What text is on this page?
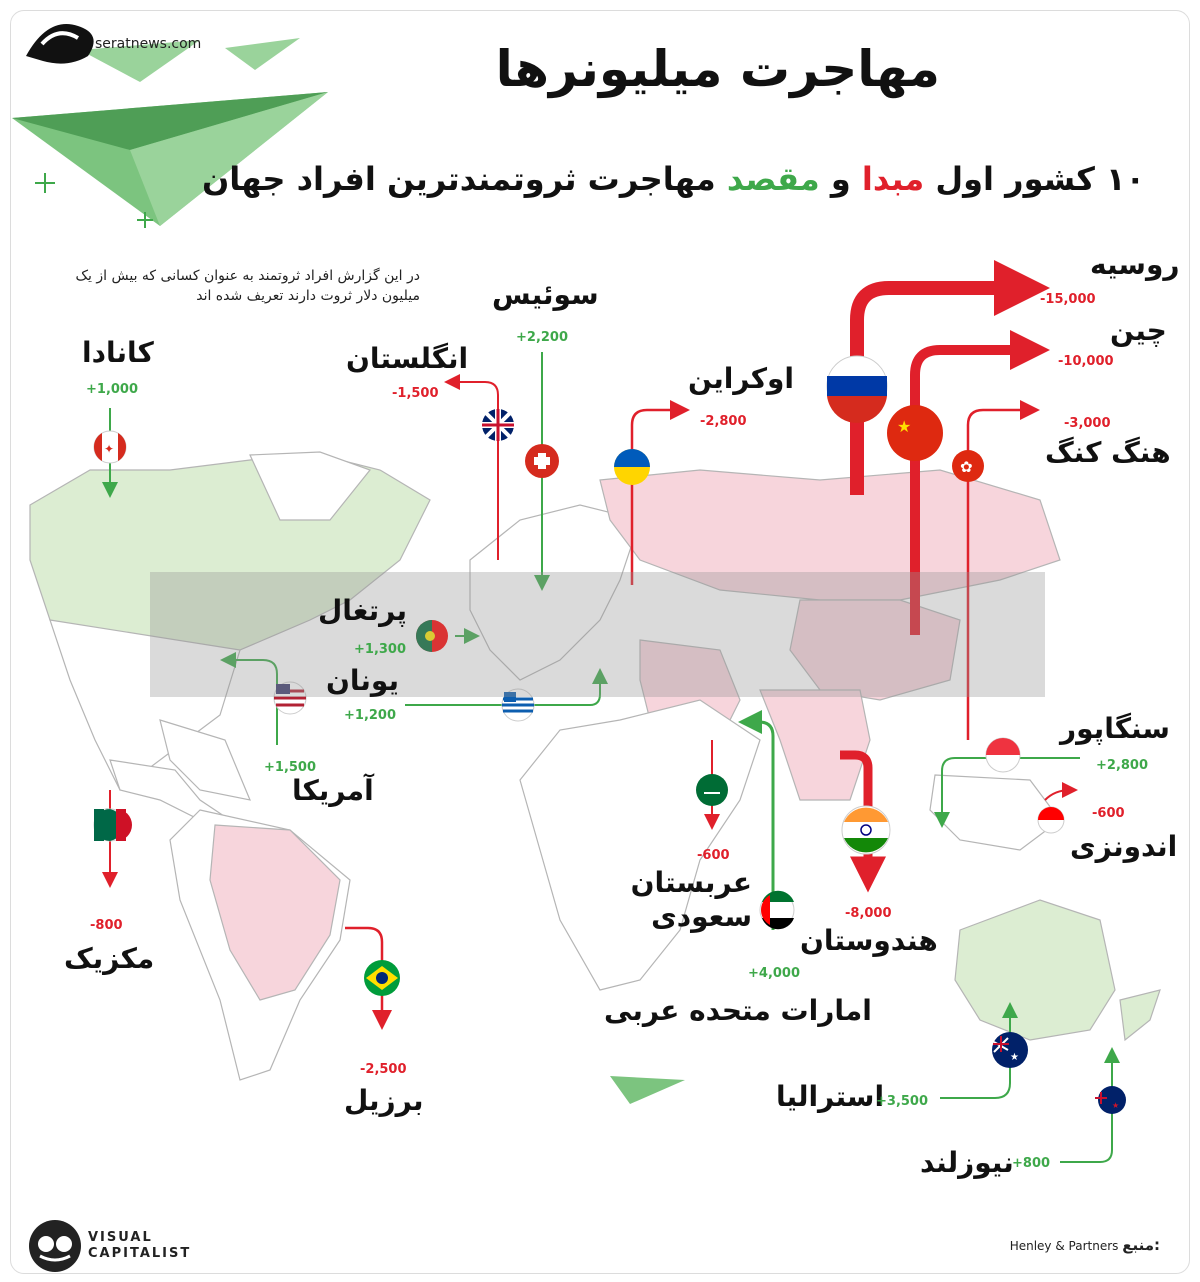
★
✿
✦
★
★
seratnews.com	مهاجرت میلیونرها
۱۰ کشور اول مبدا و مقصد مهاجرت ثروتمندترین افراد جهان
در این گزارش افراد ثروتمند به عنوان کسانی که بیش از یک میلیون دلار ثروت دارند تعریف شده اند
روسیه
-15,000
چین
-10,000
-3,000
هنگ کنگ
اوکراین
-2,800
سوئیس
+2,200
انگلستان
-1,500
کانادا
+1,000
پرتغال
+1,300
یونان
+1,200
+1,500
آمریکا
-800
مکزیک
-2,500
برزیل
-600
عربستان سعودی
+4,000
امارات متحده عربی
-8,000
هندوستان
سنگاپور
+2,800
-600
اندونزی
استرالیا
+3,500
نیوزلند
+800
VISUAL
CAPITALIST	Henley & Partners منبع:
